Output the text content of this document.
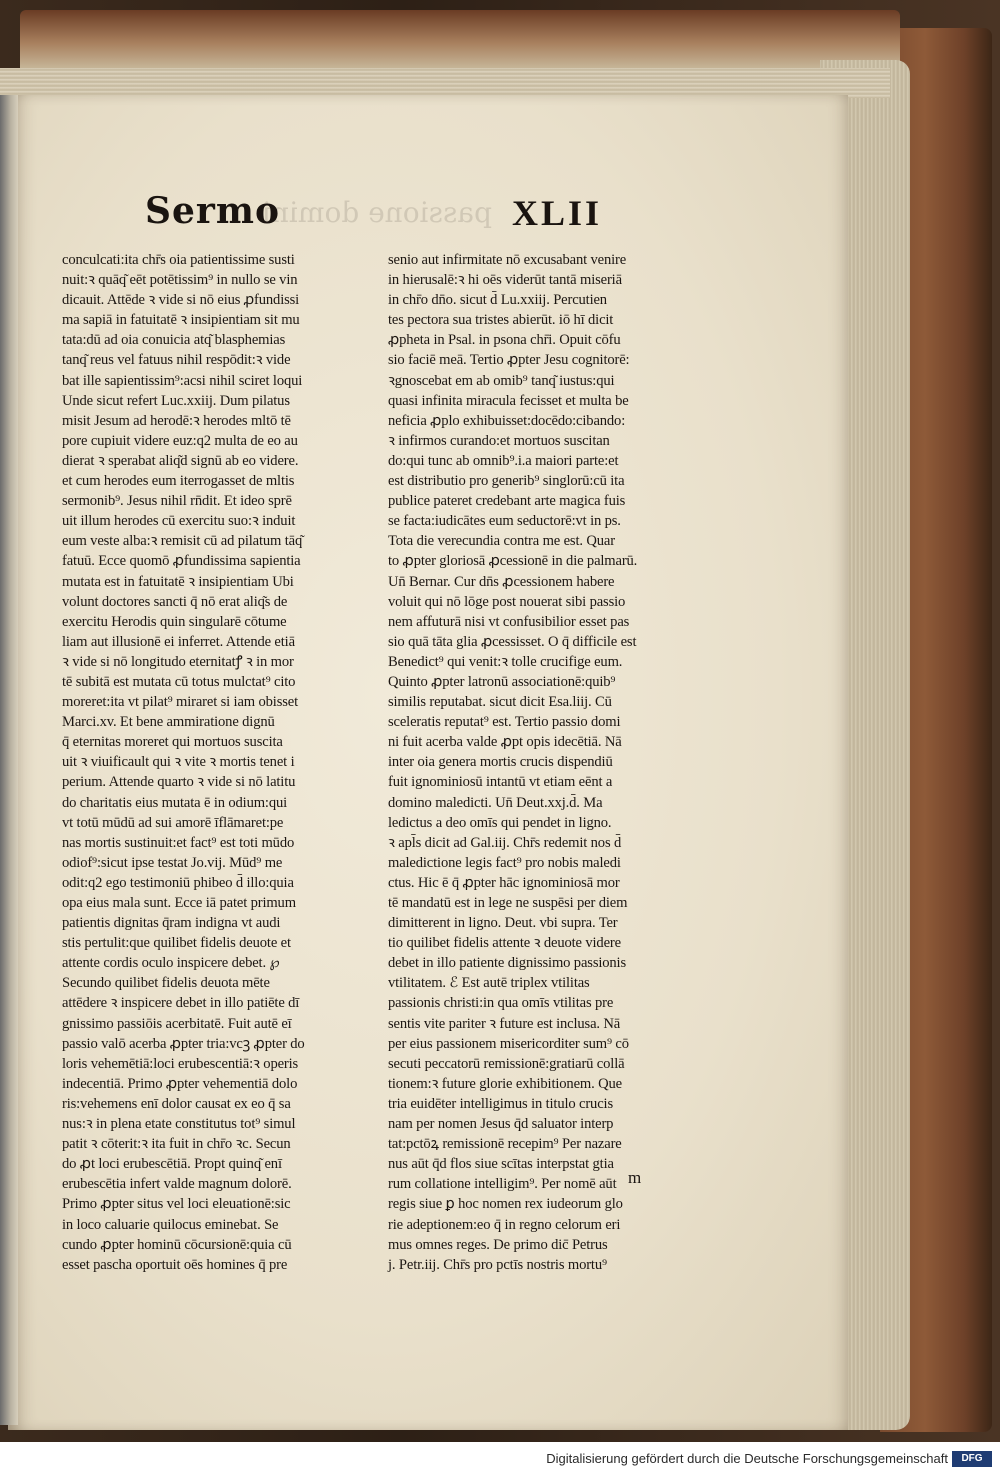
passione domini
Sermo	XLII
conculcati:ita chr̄s oia patientissime susti
nuit:ꝛ quāq͂ eēt potētissim⁹ in nullo se vin
dicauit. Attēde ꝛ vide si nō eius ꝓfundissi
ma sapiā in fatuitatē ꝛ insipientiam sit mu
tata:dū ad oia conuicia atq͂ blasphemias
tanq͂ reus vel fatuus nihil respōdit:ꝛ vide
bat ille sapientissim⁹:acsi nihil sciret loqui
Unde sicut refert Luc.xxiij. Dum pilatus
misit Jesum ad herodē:ꝛ herodes mltō tē
pore cupiuit videre euz:q2 multa de eo au
dierat ꝛ sperabat aliq͂d signū ab eo videre.
et cum herodes eum iterrogasset de mltis
sermonib⁹. Jesus nihil rn̄dit. Et ideo sprē
uit illum herodes cū exercitu suo:ꝛ induit
eum veste alba:ꝛ remisit cū ad pilatum tāq͂
fatuū. Ecce quomō ꝓfundissima sapientia
mutata est in fatuitatē ꝛ insipientiam Ubi
volunt doctores sancti q̄ nō erat aliq͂s de
exercitu Herodis quin singularē cōtume
liam aut illusionē ei inferret. Attende etiā
ꝛ vide si nō longitudo eternitatꝭ ꝛ in mor
tē subitā est mutata cū totus mulctat⁹ cito
moreret:ita vt pilat⁹ miraret si iam obisset
Marci.xv. Et bene ammiratione dignū
q̄ eternitas moreret qui mortuos suscita
uit ꝛ viuificault qui ꝛ vite ꝛ mortis tenet i
perium. Attende quarto ꝛ vide si nō latitu
do charitatis eius mutata ē in odium:qui
vt totū mūdū ad sui amorē īflāmaret:pe
nas mortis sustinuit:et fact⁹ est toti mūdo
odiof⁹:sicut ipse testat Jo.vij. Mūd⁹ me
odit:q2 ego testimoniū phibeo d̄ illo:quia
opa eius mala sunt. Ecce iā patet primum
patientis dignitas q̄ram indigna vt audi
stis pertulit:que quilibet fidelis deuote et
attente cordis oculo inspicere debet. ℘
Secundo quilibet fidelis deuota mēte
attēdere ꝛ inspicere debet in illo patiēte dī
gnissimo passiōis acerbitatē. Fuit autē eī
passio valō acerba ꝓpter tria:vcꝫ ꝓpter do
loris vehemētiā:loci erubescentiā:ꝛ operis
indecentiā. Primo ꝓpter vehementiā dolo
ris:vehemens enī dolor causat ex eo q̄ sa
nus:ꝛ in plena etate constitutus tot⁹ simul
patit ꝛ cōterit:ꝛ ita fuit in chr̄o ꝛc. Secun
do ꝓt loci erubescētiā. Propt quinq͂ enī
erubescētia infert valde magnum dolorē.
Primo ꝓpter situs vel loci eleuationē:sic
in loco caluarie quilocus eminebat. Se
cundo ꝓpter hominū cōcursionē:quia cū
esset pascha oportuit oēs homines q̄ pre
senio aut infirmitate nō excusabant venire
in hierusalē:ꝛ hi oēs viderūt tantā miseriā
in chr̄o dn̄o. sicut d̄ Lu.xxiij. Percutien
tes pectora sua tristes abierūt. iō hī dicit
ꝓpheta in Psal. in psona chr̄i. Opuit cōfu
sio faciē meā. Tertio ꝓpter Jesu cognitorē:
ꝛgnoscebat em ab omib⁹ tanq͂ iustus:qui
quasi infinita miracula fecisset et multa be
neficia ꝓplo exhibuisset:docēdo:cibando:
ꝛ infirmos curando:et mortuos suscitan
do:qui tunc ab omnib⁹.i.a maiori parte:et
est distributio pro generib⁹ singlorū:cū ita
publice pateret credebant arte magica fuis
se facta:iudicātes eum seductorē:vt in ps.
Tota die verecundia contra me est. Quar
to ꝓpter gloriosā ꝓcessionē in die palmarū.
Un̄ Bernar. Cur dn̄s ꝓcessionem habere
voluit qui nō lōge post nouerat sibi passio
nem affuturā nisi vt confusibilior esset pas
sio quā tāta glia ꝓcessisset. O q̄ difficile est
Benedict⁹ qui venit:ꝛ tolle crucifige eum.
Quinto ꝓpter latronū associationē:quib⁹
similis reputabat. sicut dicit Esa.liij. Cū
sceleratis reputat⁹ est. Tertio passio domi
ni fuit acerba valde ꝓpt opis idecētiā. Nā
inter oia genera mortis crucis dispendiū
fuit ignominiosū intantū vt etiam eēnt a
domino maledicti. Un̄ Deut.xxj.d̄. Ma
ledictus a deo omīs qui pendet in ligno.
ꝛ apl̄s dicit ad Gal.iij. Chr̄s redemit nos d̄
maledictione legis fact⁹ pro nobis maledi
ctus. Hic ē q̄ ꝓpter hāc ignominiosā mor
tē mandatū est in lege ne suspēsi per diem
dimitterent in ligno. Deut. vbi supra. Ter
tio quilibet fidelis attente ꝛ deuote videre
debet in illo patiente dignissimo passionis
vtilitatem. ℰ Est autē triplex vtilitas
passionis christi:in qua omīs vtilitas pre
sentis vite pariter ꝛ future est inclusa. Nā
per eius passionem misericorditer sum⁹ cō
secuti peccatorū remissionē:gratiarū collā
tionem:ꝛ future glorie exhibitionem. Que
tria euidēter intelligimus in titulo crucis
nam per nomen Jesus q̄d saluator interp
tat:pctōꝝ remissionē recepim⁹ Per nazare
nus aūt q̄d flos siue scītas interpstat gtia
rum collatione intelligim⁹. Per nomē aūt
regis siue ꝑ hoc nomen rex iudeorum glo
rie adeptionem:eo q̄ in regno celorum eri
mus omnes reges. De primo dic̄ Petrus
j. Petr.iij. Chr̄s pro pctīs nostris mortu⁹
m
Digitalisierung gefördert durch die Deutsche Forschungsgemeinschaft	DFG
